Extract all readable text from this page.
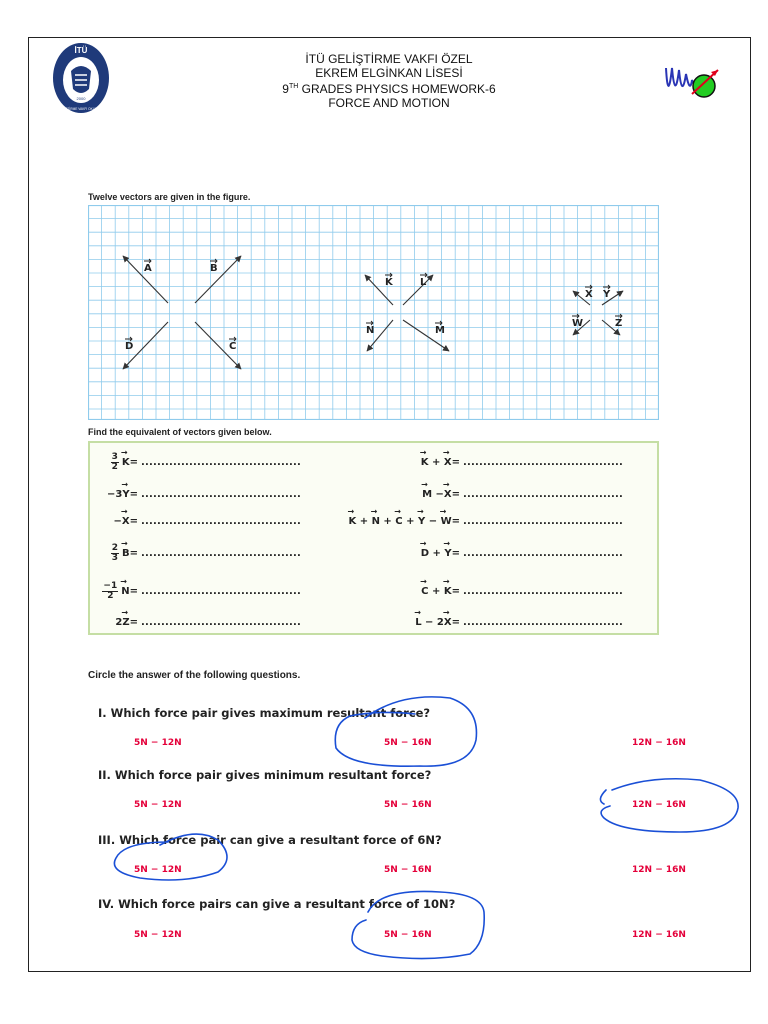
İTÜ
2000
GELİŞTİRME VAKFI OKULLARI
İTÜ GELİŞTİRME VAKFI ÖZEL
EKREM ELGİNKAN LİSESİ
9TH GRADES PHYSICS HOMEWORK-6
FORCE AND MOTION
Twelve vectors are given in the figure.
A	B
C
D
K	L
M
N
X Y
W	Z
Find the equivalent of vectors given below.
$\frac{3}{2}$
→ K = ........................................
−3
→ Y = ........................................
−
→ X = ........................................
$\frac{2}{3}$
→ B = ........................................
$\frac{-1}{2}$
→ N = ........................................
2
→ Z = ........................................
→ K +
→ X = ........................................
→ M −
→ X = ........................................
→ K +
→ N +
→ C +
→ Y −
→ W = ........................................
→ D +
→ Y = ........................................
→ C +
→ K = ........................................
→ L − 2
→ X = ........................................
Circle the answer of the following questions.
I. Which force pair gives maximum resultant force?
5N − 12N	5N − 16N	12N − 16N
II. Which force pair gives minimum resultant force?
5N − 12N	5N − 16N	12N − 16N
III. Which force pair can give a resultant force of 6N?
5N − 12N	5N − 16N	12N − 16N
IV. Which force pairs can give a resultant force of 10N?
5N − 12N	5N − 16N	12N − 16N
